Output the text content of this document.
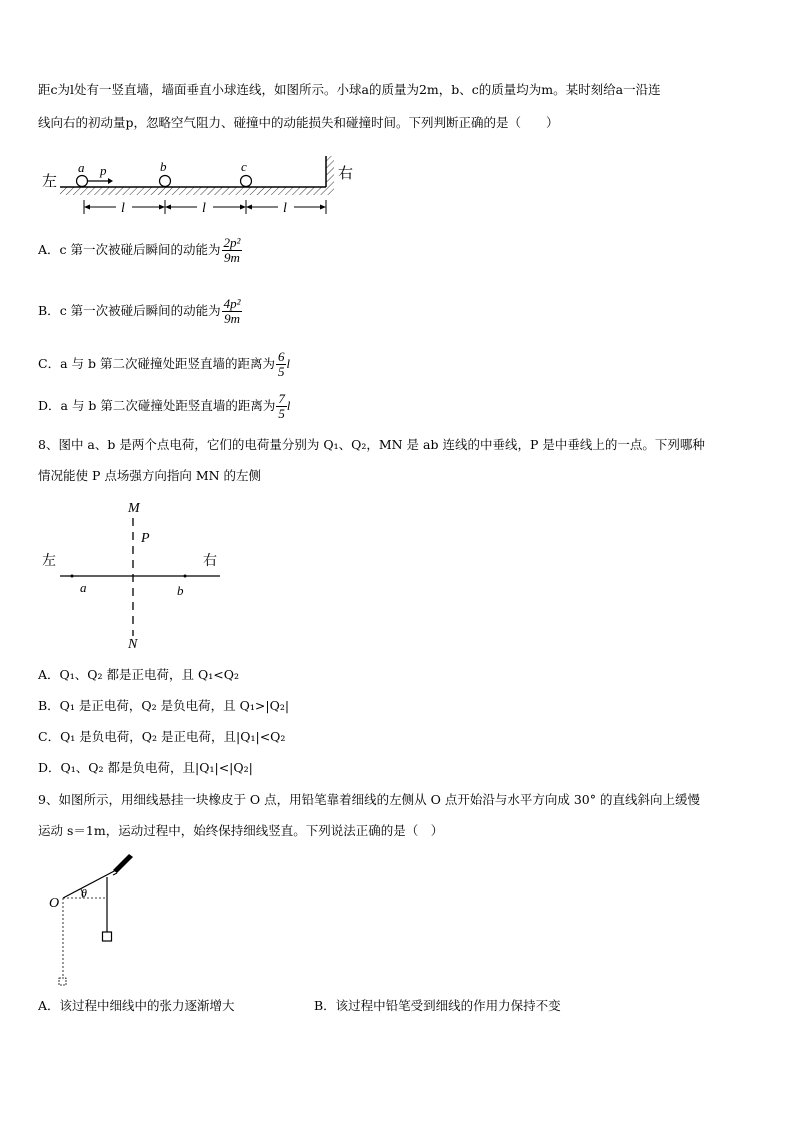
距c为l处有一竖直墙，墙面垂直小球连线，如图所示。小球a的质量为2m，b、c的质量均为m。某时刻给a一沿连
线向右的初动量p，忽略空气阻力、碰撞中的动能损失和碰撞时间。下列判断正确的是（　　）
左	右
a p	b	c
l	l	l
A．c 第一次被碰后瞬间的动能为 $\frac{\text{2p²}}{9m}$
B．c 第一次被碰后瞬间的动能为 $\frac{\text{4p²}}{9m}$
C．a 与 b 第二次碰撞处距竖直墙的距离为 $\frac{6}{5}$ l
D．a 与 b 第二次碰撞处距竖直墙的距离为 $\frac{7}{5}$ l
8、图中 a、b 是两个点电荷，它们的电荷量分别为 Q₁、Q₂，MN 是 ab 连线的中垂线，P 是中垂线上的一点。下列哪种
情况能使 P 点场强方向指向 MN 的左侧
M
P
左	右
a	b
N
A．Q₁、Q₂ 都是正电荷，且 Q₁<Q₂
B．Q₁ 是正电荷，Q₂ 是负电荷，且 Q₁>|Q₂|
C．Q₁ 是负电荷，Q₂ 是正电荷，且|Q₁|<Q₂
D．Q₁、Q₂ 都是负电荷，且|Q₁|<|Q₂|
9、如图所示，用细线悬挂一块橡皮于 O 点，用铅笔靠着细线的左侧从 O 点开始沿与水平方向成 30° 的直线斜向上缓慢
运动 s＝1m，运动过程中，始终保持细线竖直。下列说法正确的是（　）
O
θ
A．该过程中细线中的张力逐渐增大	B．该过程中铅笔受到细线的作用力保持不变
